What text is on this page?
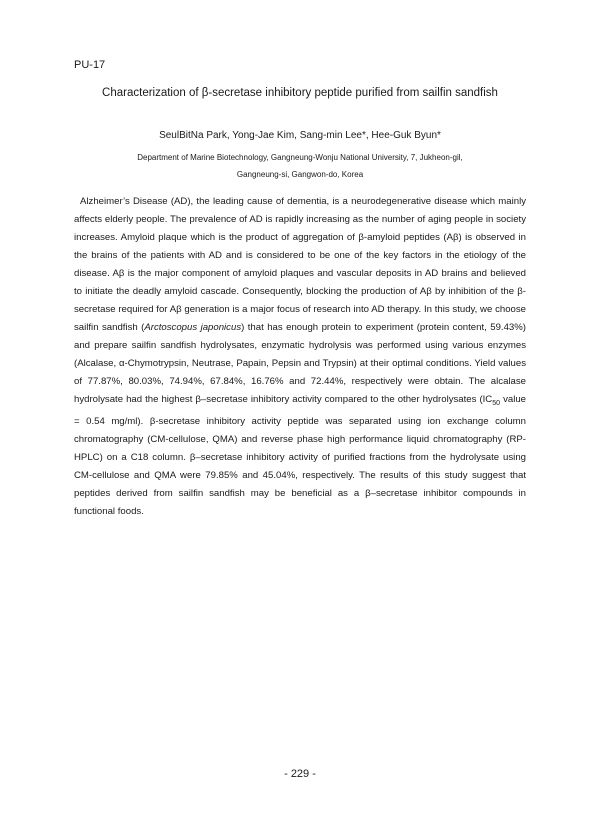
PU-17
Characterization of β-secretase inhibitory peptide purified from sailfin sandfish
SeulBitNa Park, Yong-Jae Kim, Sang-min Lee*, Hee-Guk Byun*
Department of Marine Biotechnology, Gangneung-Wonju National University, 7, Jukheon-gil,
Gangneung-si, Gangwon-do, Korea

Alzheimer’s Disease (AD), the leading cause of dementia, is a neurodegenerative disease which mainly affects elderly people. The prevalence of AD is rapidly increasing as the number of aging people in society increases. Amyloid plaque which is the product of aggregation of β-amyloid peptides (Aβ) is observed in the brains of the patients with AD and is considered to be one of the key factors in the etiology of the disease. Aβ is the major component of amyloid plaques and vascular deposits in AD brains and believed to initiate the deadly amyloid cascade. Consequently, blocking the production of Aβ by inhibition of the β-secretase required for Aβ generation is a major focus of research into AD therapy. In this study, we choose sailfin sandfish (Arctoscopus japonicus) that has enough protein to experiment (protein content, 59.43%) and prepare sailfin sandfish hydrolysates, enzymatic hydrolysis was performed using various enzymes (Alcalase, α-Chymotrypsin, Neutrase, Papain, Pepsin and Trypsin) at their optimal conditions. Yield values of 77.87%, 80.03%, 74.94%, 67.84%, 16.76% and 72.44%, respectively were obtain. The alcalase hydrolysate had the highest β–secretase inhibitory activity compared to the other hydrolysates ($IC_{50}$ value = 0.54 mg/ml). β-secretase inhibitory activity peptide was separated using ion exchange column chromatography (CM-cellulose, QMA) and reverse phase high performance liquid chromatography (RP-HPLC) on a C18 column. β–secretase inhibitory activity of purified fractions from the hydrolysate using CM-cellulose and QMA were 79.85% and 45.04%, respectively. The results of this study suggest that peptides derived from sailfin sandfish may be beneficial as a β–secretase inhibitor compounds in functional foods.

- 229 -
